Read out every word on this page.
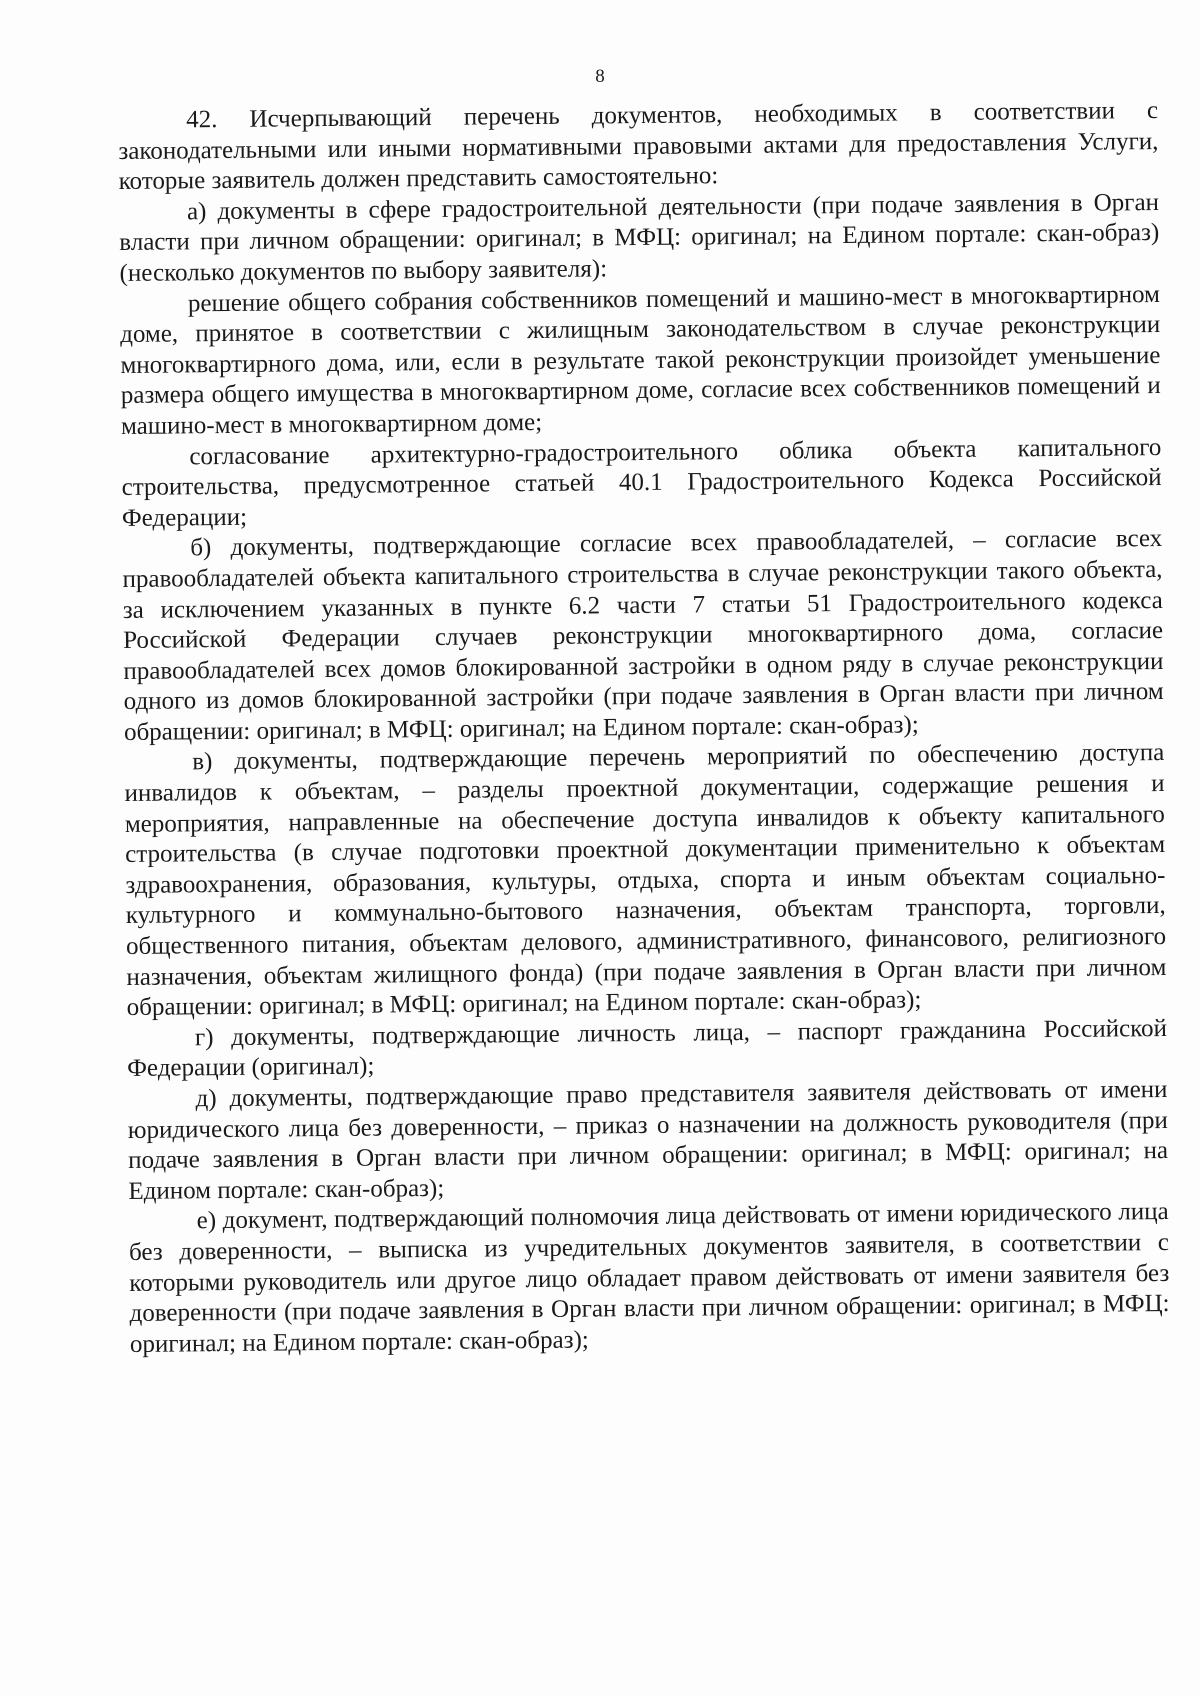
8

42. Исчерпывающий перечень документов, необходимых в соответствии с законодательными или иными нормативными правовыми актами для предоставления Услуги, которые заявитель должен представить самостоятельно:

а) документы в сфере градостроительной деятельности (при подаче заявления в Орган власти при личном обращении: оригинал; в МФЦ: оригинал; на Едином портале: скан-образ) (несколько документов по выбору заявителя):

решение общего собрания собственников помещений и машино-мест в многоквартирном доме, принятое в соответствии с жилищным законодательством в случае реконструкции многоквартирного дома, или, если в результате такой реконструкции произойдет уменьшение размера общего имущества в многоквартирном доме, согласие всех собственников помещений и машино-мест в многоквартирном доме;

согласование архитектурно-градостроительного облика объекта капитального строительства, предусмотренное статьей 40.1 Градостроительного Кодекса Российской Федерации;

б) документы, подтверждающие согласие всех правообладателей, – согласие всех правообладателей объекта капитального строительства в случае реконструкции такого объекта, за исключением указанных в пункте 6.2 части 7 статьи 51 Градостроительного кодекса Российской Федерации случаев реконструкции многоквартирного дома, согласие правообладателей всех домов блокированной застройки в одном ряду в случае реконструкции одного из домов блокированной застройки (при подаче заявления в Орган власти при личном обращении: оригинал; в МФЦ: оригинал; на Едином портале: скан-образ);

в) документы, подтверждающие перечень мероприятий по обеспечению доступа инвалидов к объектам, – разделы проектной документации, содержащие решения и мероприятия, направленные на обеспечение доступа инвалидов к объекту капитального строительства (в случае подготовки проектной документации применительно к объектам здравоохранения, образования, культуры, отдыха, спорта и иным объектам социально-культурного и коммунально-бытового назначения, объектам транспорта, торговли, общественного питания, объектам делового, административного, финансового, религиозного назначения, объектам жилищного фонда) (при подаче заявления в Орган власти при личном обращении: оригинал; в МФЦ: оригинал; на Едином портале: скан-образ);

г) документы, подтверждающие личность лица, – паспорт гражданина Российской Федерации (оригинал);

д) документы, подтверждающие право представителя заявителя действовать от имени юридического лица без доверенности, – приказ о назначении на должность руководителя (при подаче заявления в Орган власти при личном обращении: оригинал; в МФЦ: оригинал; на Едином портале: скан-образ);

е) документ, подтверждающий полномочия лица действовать от имени юридического лица без доверенности, – выписка из учредительных документов заявителя, в соответствии с которыми руководитель или другое лицо обладает правом действовать от имени заявителя без доверенности (при подаче заявления в Орган власти при личном обращении: оригинал; в МФЦ: оригинал; на Едином портале: скан-образ);
